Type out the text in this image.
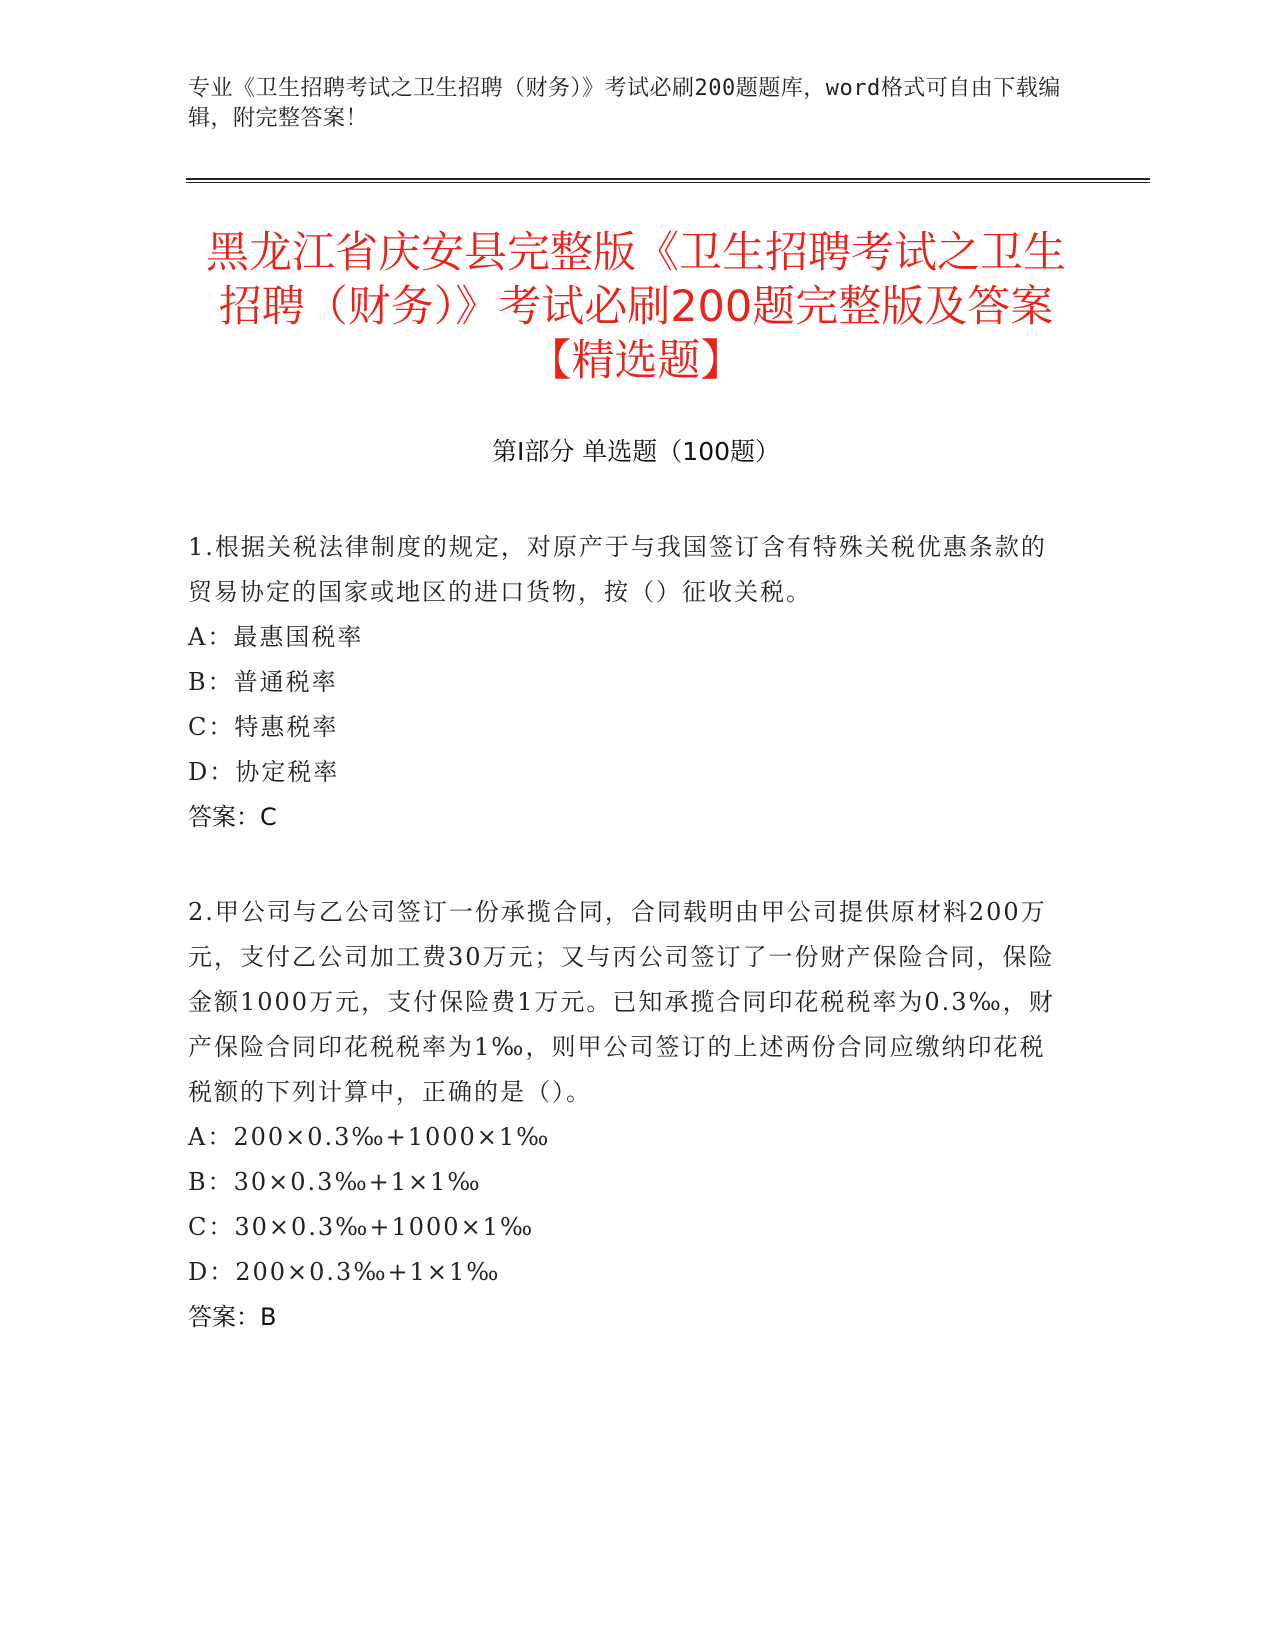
专业《卫生招聘考试之卫生招聘（财务）》考试必刷200题题库，word格式可自由下载编辑，附完整答案！
黑龙江省庆安县完整版《卫生招聘考试之卫生招聘（财务）》考试必刷200题完整版及答案【精选题】
第Ⅰ部分 单选题（100题）
1.根据关税法律制度的规定，对原产于与我国签订含有特殊关税优惠条款的贸易协定的国家或地区的进口货物，按（）征收关税。
A：最惠国税率
B：普通税率
C：特惠税率
D：协定税率
答案：C
2.甲公司与乙公司签订一份承揽合同，合同载明由甲公司提供原材料200万元，支付乙公司加工费30万元；又与丙公司签订了一份财产保险合同，保险金额1000万元，支付保险费1万元。已知承揽合同印花税税率为0.3‰，财产保险合同印花税税率为1‰，则甲公司签订的上述两份合同应缴纳印花税税额的下列计算中，正确的是（）。
A：200×0.3‰+1000×1‰
B：30×0.3‰+1×1‰
C：30×0.3‰+1000×1‰
D：200×0.3‰+1×1‰
答案：B
